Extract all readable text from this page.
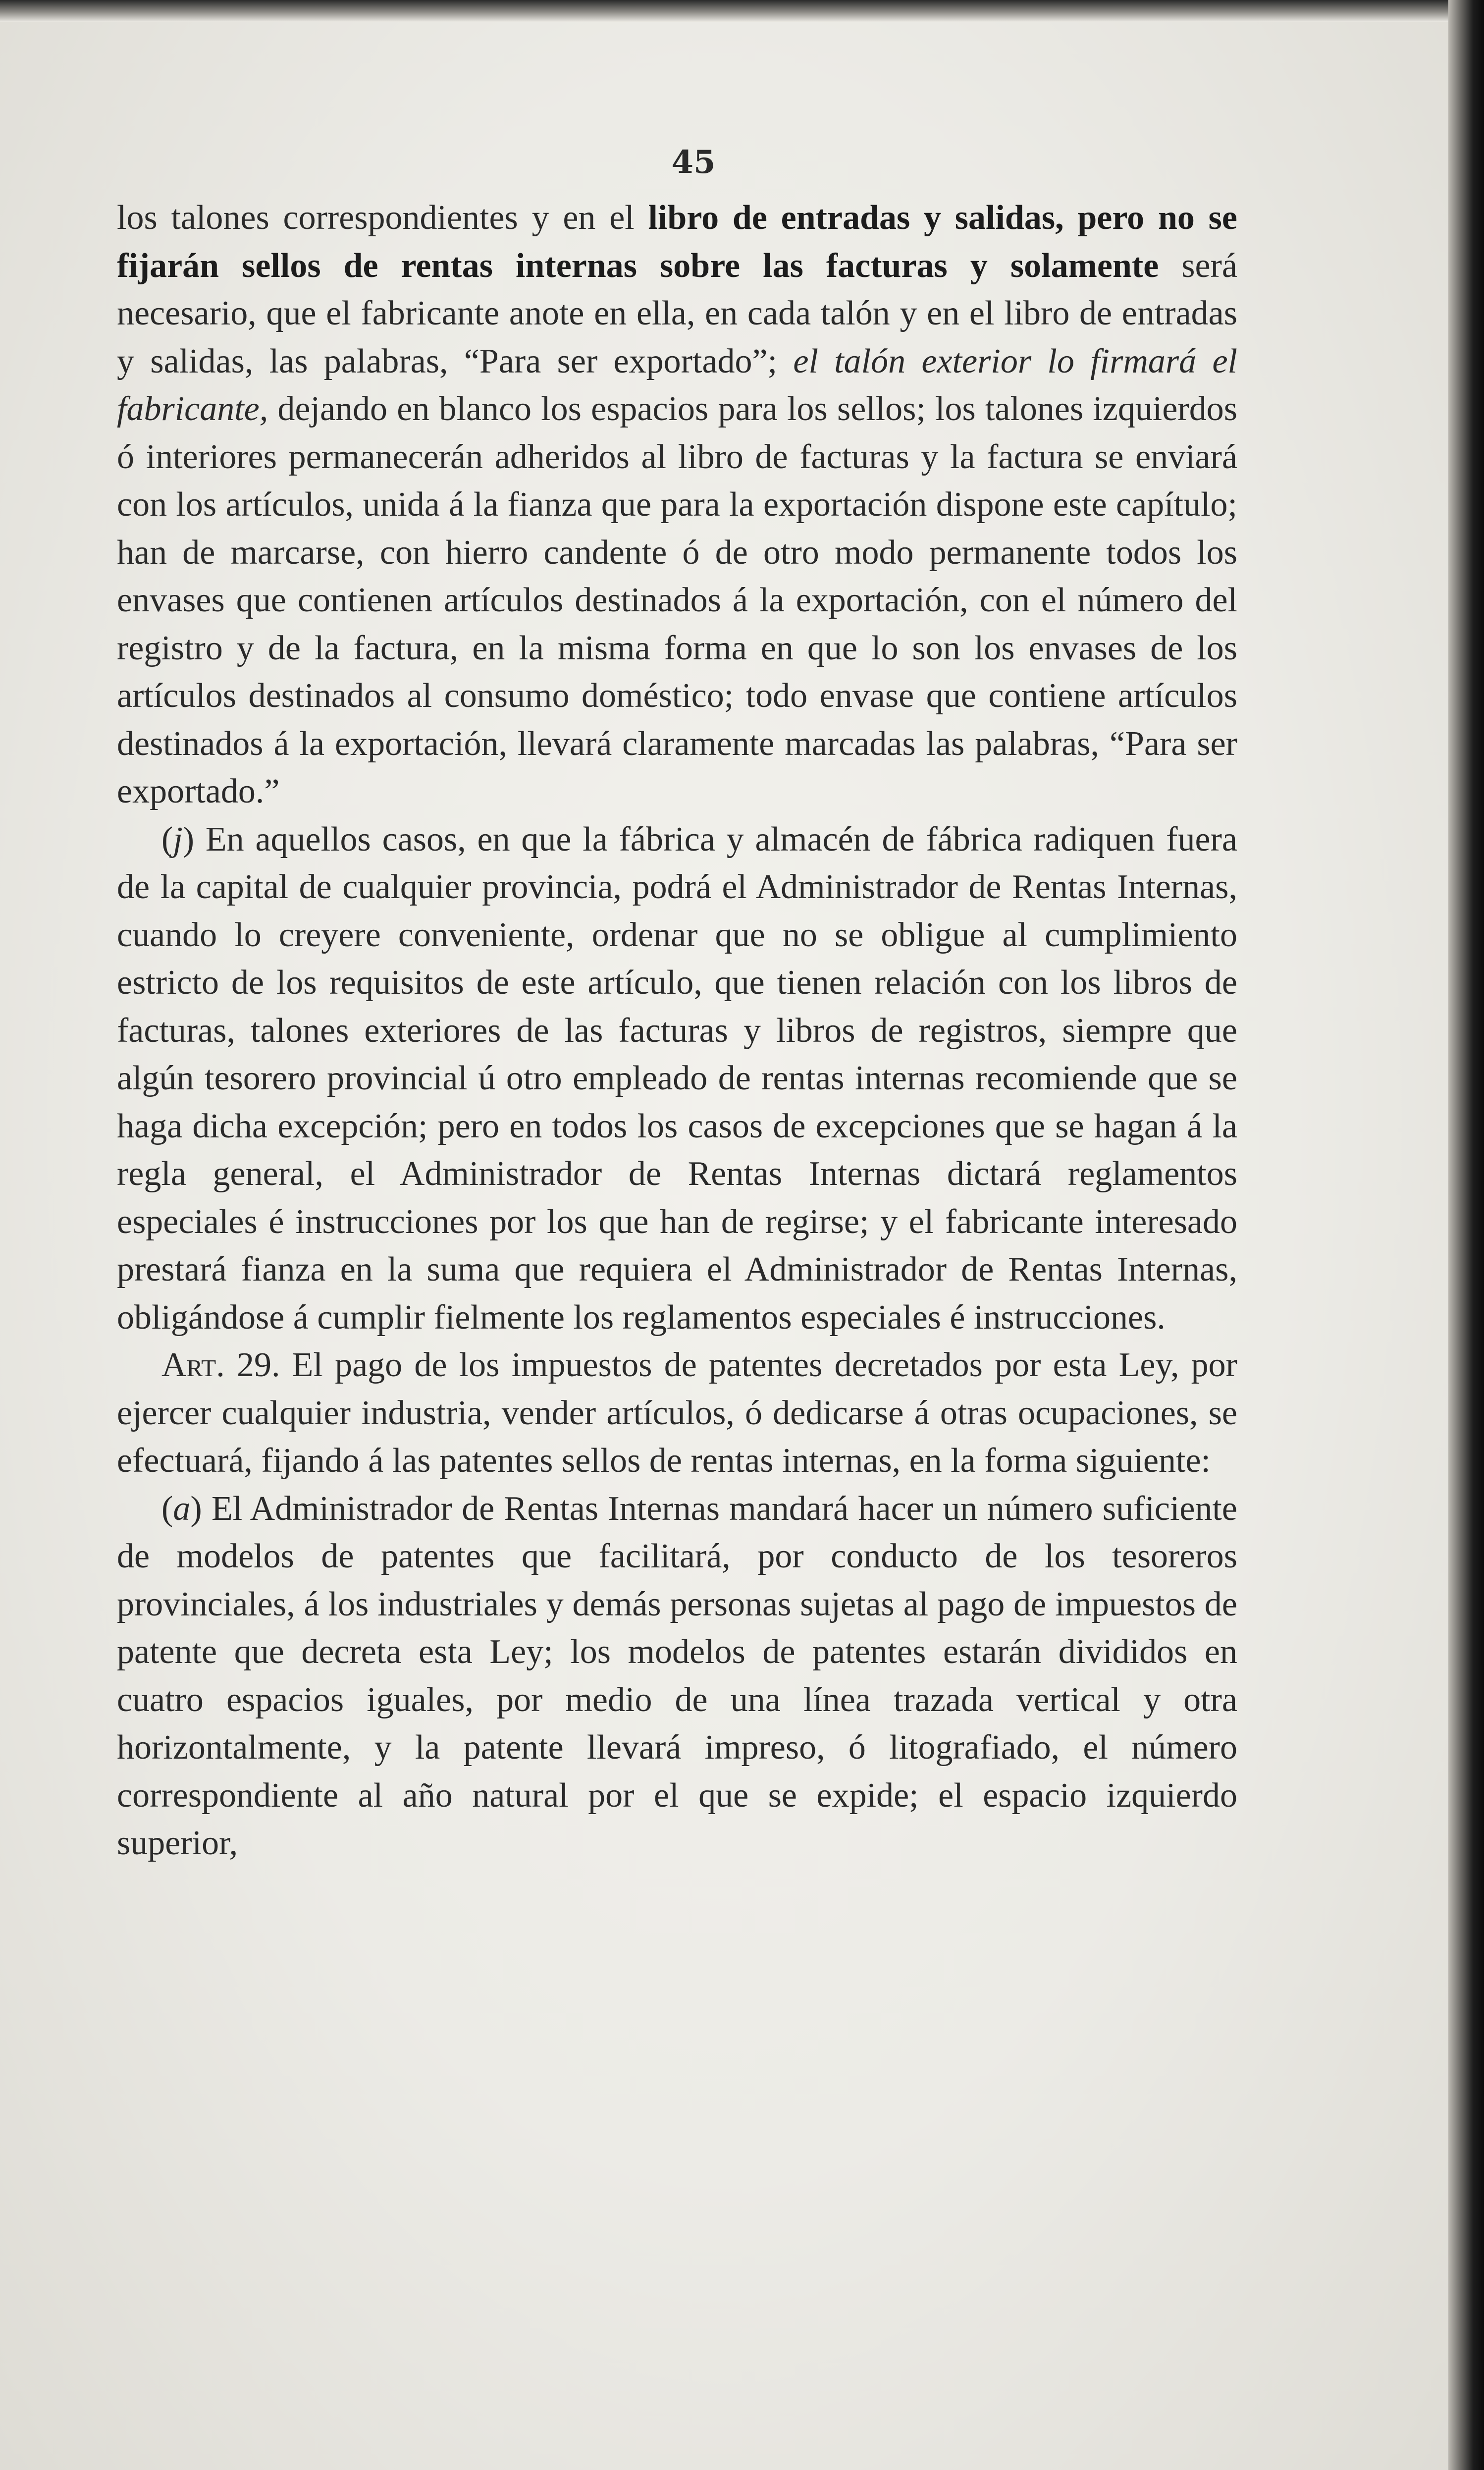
45

los talones correspondientes y en el libro de entradas y salidas, pero no se fijarán sellos de rentas internas sobre las facturas y solamente será necesario, que el fabricante anote en ella, en cada talón y en el libro de entradas y salidas, las palabras, “Para ser exportado”; el talón exterior lo firmará el fabricante, dejando en blanco los espacios para los sellos; los talones izquierdos ó interiores permanecerán adheridos al libro de facturas y la factura se enviará con los artículos, unida á la fianza que para la exportación dispone este capítulo; han de marcarse, con hierro candente ó de otro modo permanente todos los envases que contienen artículos destinados á la exportación, con el número del registro y de la factura, en la misma forma en que lo son los envases de los artículos destinados al consumo doméstico; todo envase que contiene artículos destinados á la exportación, llevará claramente marcadas las palabras, “Para ser exportado.”

(j) En aquellos casos, en que la fábrica y almacén de fábrica radiquen fuera de la capital de cualquier provincia, podrá el Administrador de Rentas Internas, cuando lo creyere conveniente, ordenar que no se obligue al cumplimiento estricto de los requisitos de este artículo, que tienen relación con los libros de facturas, talones exteriores de las facturas y libros de registros, siempre que algún tesorero provincial ú otro empleado de rentas internas recomiende que se haga dicha excepción; pero en todos los casos de excepciones que se hagan á la regla general, el Administrador de Rentas Internas dictará reglamentos especiales é instrucciones por los que han de regirse; y el fabricante interesado prestará fianza en la suma que requiera el Administrador de Rentas Internas, obligándose á cumplir fielmente los reglamentos especiales é instrucciones.

Art. 29. El pago de los impuestos de patentes decretados por esta Ley, por ejercer cualquier industria, vender artículos, ó dedicarse á otras ocupaciones, se efectuará, fijando á las patentes sellos de rentas internas, en la forma siguiente:

(a) El Administrador de Rentas Internas mandará hacer un número suficiente de modelos de patentes que facilitará, por conducto de los tesoreros provinciales, á los industriales y demás personas sujetas al pago de impuestos de patente que decreta esta Ley; los modelos de patentes estarán divididos en cuatro espacios iguales, por medio de una línea trazada vertical y otra horizontalmente, y la patente llevará impreso, ó litografiado, el número correspondiente al año natural por el que se expide; el espacio izquierdo superior,
